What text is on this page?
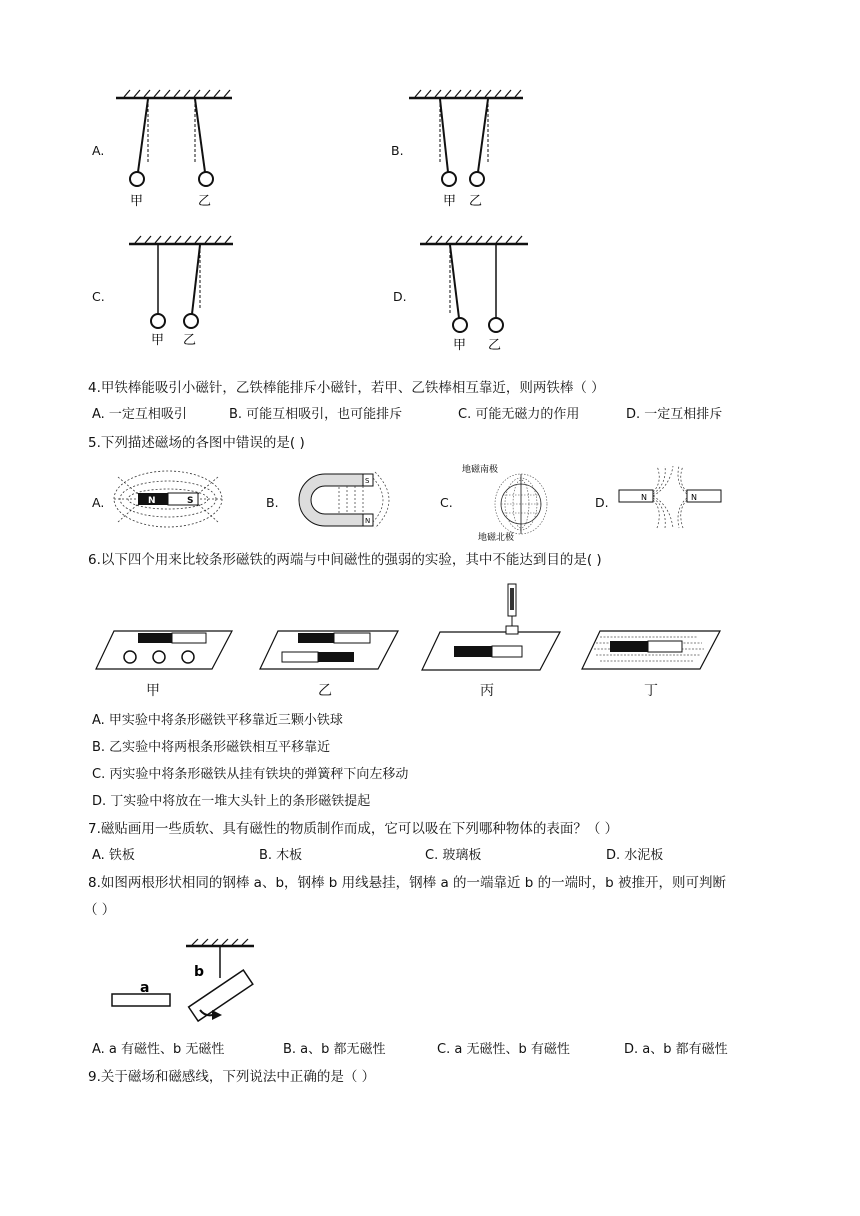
A.	B.
C.	D.
甲	乙	甲 乙
甲 乙	甲 乙
4.甲铁棒能吸引小磁针，乙铁棒能排斥小磁针，若甲、乙铁棒相互靠近，则两铁棒（ ）
A. 一定互相吸引	B. 可能互相吸引，也可能排斥	C. 可能无磁力的作用	D. 一定互相排斥
5.下列描述磁场的各图中错误的是( )
A.	B.	C.	D.
N	S
S
N
地磁南极
地磁北极
N	N
6.以下四个用来比较条形磁铁的两端与中间磁性的强弱的实验，其中不能达到目的是( )
甲	乙	丙	丁
A. 甲实验中将条形磁铁平移靠近三颗小铁球
B. 乙实验中将两根条形磁铁相互平移靠近
C. 丙实验中将条形磁铁从挂有铁块的弹簧秤下向左移动
D. 丁实验中将放在一堆大头针上的条形磁铁提起
7.磁贴画用一些质软、具有磁性的物质制作而成，它可以吸在下列哪种物体的表面？（ ）
A. 铁板	B. 木板	C. 玻璃板	D. 水泥板
8.如图两根形状相同的钢棒 a、b，钢棒 b 用线悬挂，钢棒 a 的一端靠近 b 的一端时，b 被推开，则可判断
（ ）
a
b
A. a 有磁性、b 无磁性	B. a、b 都无磁性	C. a 无磁性、b 有磁性	D. a、b 都有磁性
9.关于磁场和磁感线，下列说法中正确的是（ ）
